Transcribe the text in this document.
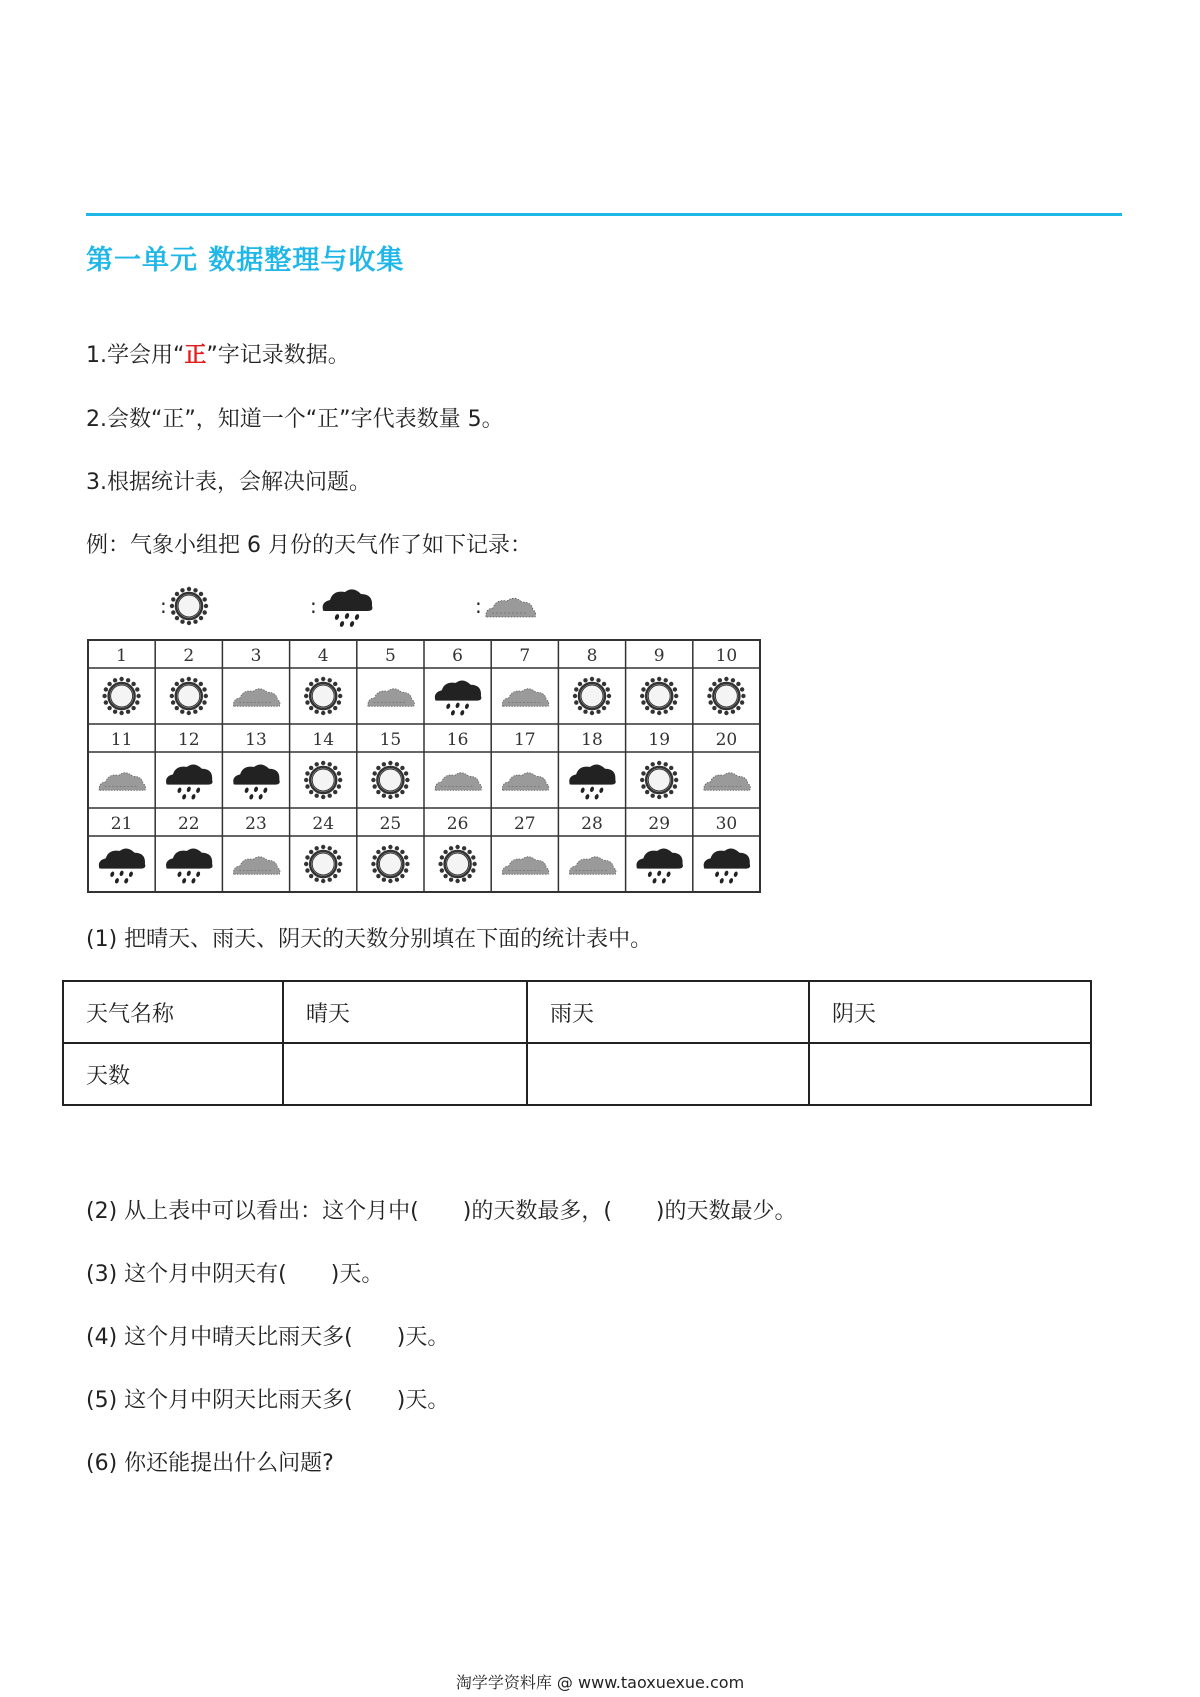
第一单元 数据整理与收集
1.学会用“正”字记录数据。
2.会数“正”，知道一个“正”字代表数量 5。
3.根据统计表，会解决问题。
例：气象小组把 6 月份的天气作了如下记录：
:	:	:
1	2	3	4	5	6	7	8	9	10
11	12	13	14	15	16	17	18	19	20
21	22	23	24	25	26	27	28	29	30
(1) 把晴天、雨天、阴天的天数分别填在下面的统计表中。
天气名称	晴天	雨天	阴天
天数			
(2) 从上表中可以看出：这个月中( )的天数最多，( )的天数最少。
(3) 这个月中阴天有( )天。
(4) 这个月中晴天比雨天多( )天。
(5) 这个月中阴天比雨天多( )天。
(6) 你还能提出什么问题?
淘学学资料库 @ www.taoxuexue.com
